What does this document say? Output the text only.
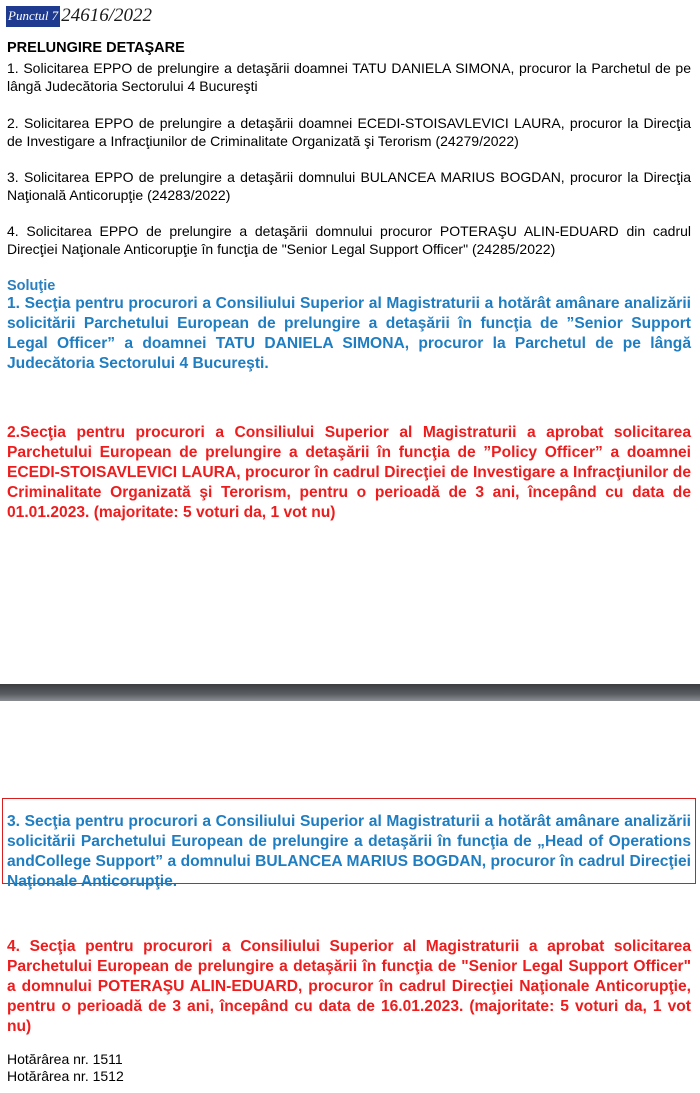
Punctul 7 24616/2022
PRELUNGIRE DETAŞARE
1. Solicitarea EPPO de prelungire a detaşării doamnei TATU DANIELA SIMONA, procuror la Parchetul de pe lângă Judecătoria Sectorului 4 Bucureşti
2. Solicitarea EPPO de prelungire a detaşării doamnei ECEDI-STOISAVLEVICI LAURA, procuror la Direcţia de Investigare a Infracţiunilor de Criminalitate Organizată şi Terorism (24279/2022)
3. Solicitarea EPPO de prelungire a detaşării domnului BULANCEA MARIUS BOGDAN, procuror la Direcţia Naţională Anticorupţie (24283/2022)
4. Solicitarea EPPO de prelungire a detaşării domnului procuror POTERAŞU ALIN-EDUARD din cadrul Direcţiei Naţionale Anticorupţie în funcţia de "Senior Legal Support Officer" (24285/2022)
Soluţie
1. Secţia pentru procurori a Consiliului Superior al Magistraturii a hotărât amânare analizării solicitării Parchetului European de prelungire a detaşării în funcţia de ”Senior Support Legal Officer” a doamnei TATU DANIELA SIMONA, procuror la Parchetul de pe lângă Judecătoria Sectorului 4 Bucureşti.
2.Secţia pentru procurori a Consiliului Superior al Magistraturii a aprobat solicitarea Parchetului European de prelungire a detaşării în funcţia de ”Policy Officer” a doamnei ECEDI-STOISAVLEVICI LAURA, procuror în cadrul Direcţiei de Investigare a Infracţiunilor de Criminalitate Organizată şi Terorism, pentru o perioadă de 3 ani, începând cu data de 01.01.2023. (majoritate: 5 voturi da, 1 vot nu)
3. Secţia pentru procurori a Consiliului Superior al Magistraturii a hotărât amânare analizării solicitării Parchetului European de prelungire a detaşării în funcţia de „Head of Operations andCollege Support” a domnului BULANCEA MARIUS BOGDAN, procuror în cadrul Direcţiei Naţionale Anticorupţie.
4. Secţia pentru procurori a Consiliului Superior al Magistraturii a aprobat solicitarea Parchetului European de prelungire a detaşării în funcţia de "Senior Legal Support Officer" a domnului POTERAŞU ALIN-EDUARD, procuror în cadrul Direcţiei Naţionale Anticorupţie, pentru o perioadă de 3 ani, începând cu data de 16.01.2023. (majoritate: 5 voturi da, 1 vot nu)
Hotărârea nr. 1511
Hotărârea nr. 1512
